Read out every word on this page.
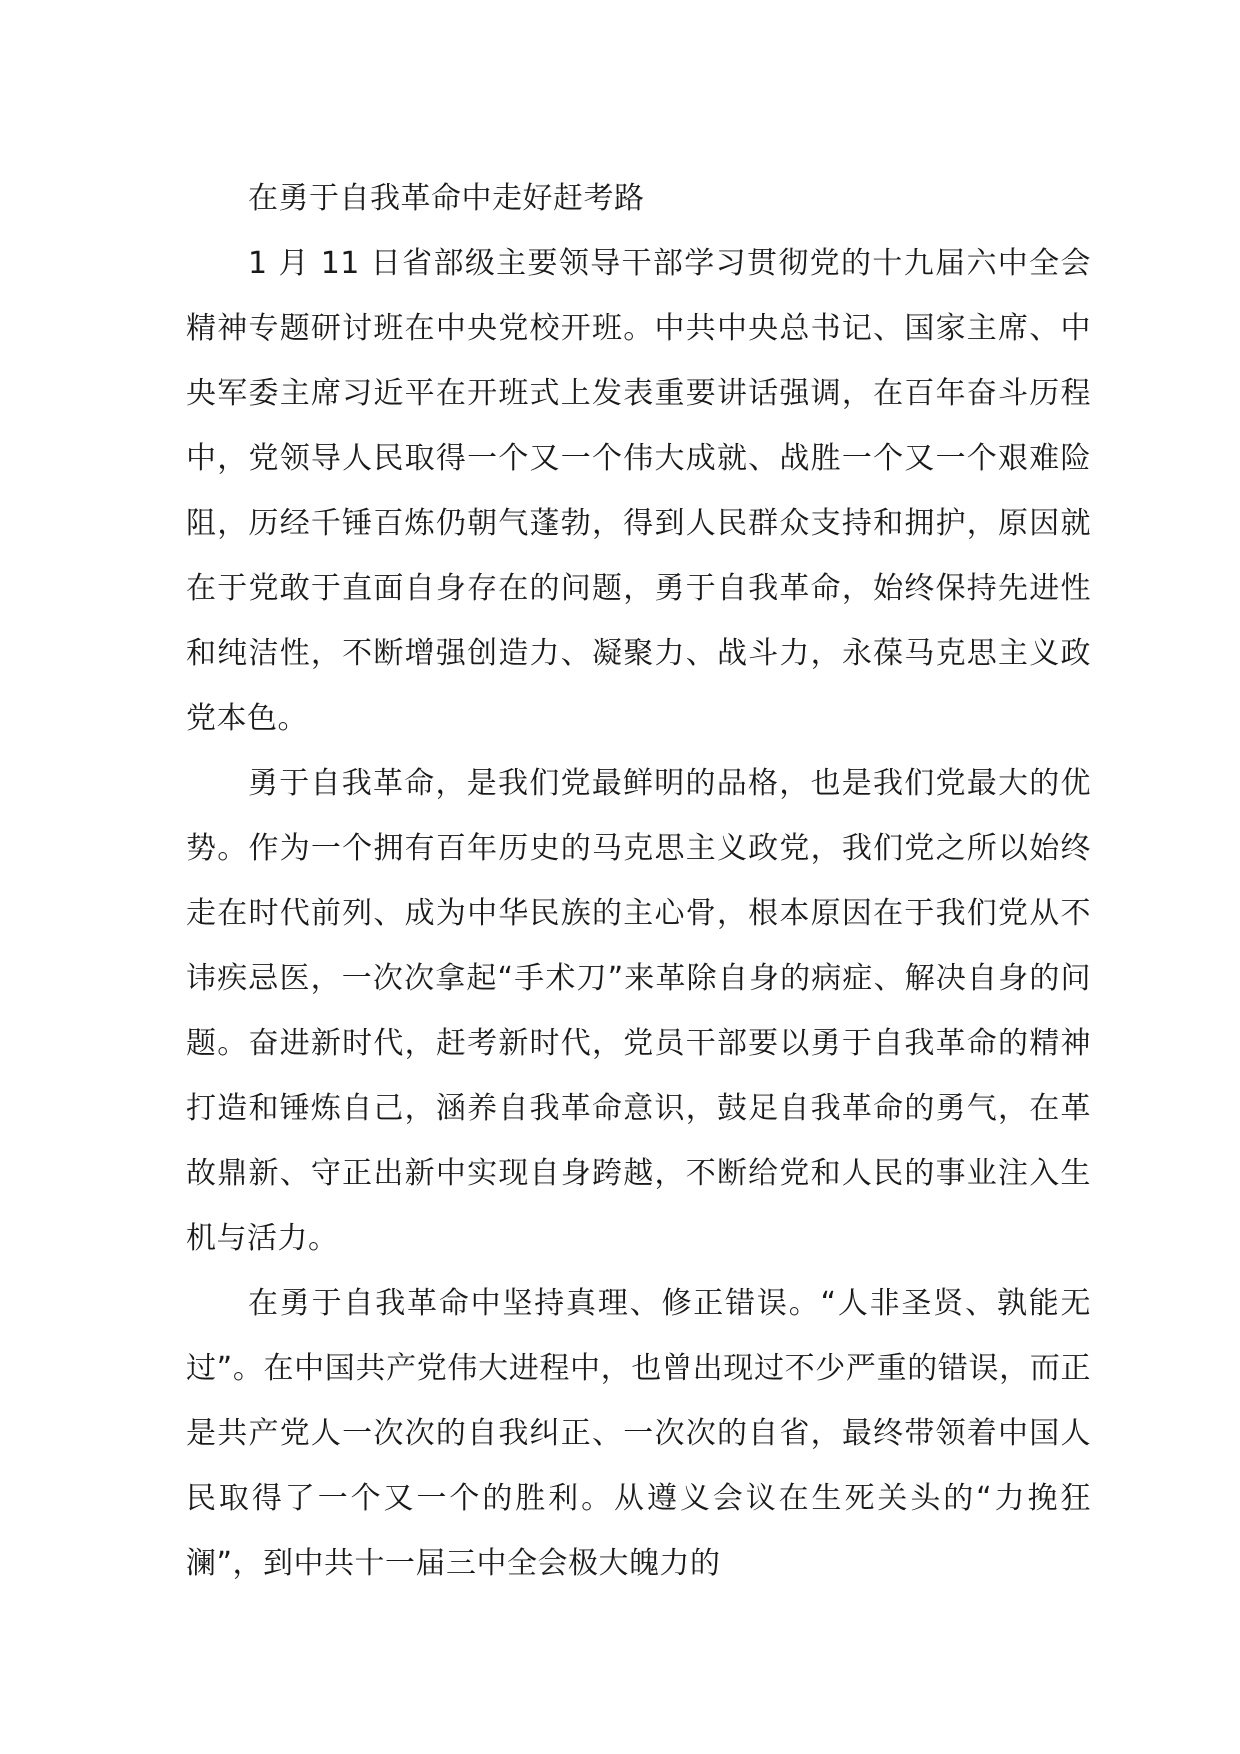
在勇于自我革命中走好赶考路

1 月 11 日省部级主要领导干部学习贯彻党的十九届六中全会精神专题研讨班在中央党校开班。中共中央总书记、国家主席、中央军委主席习近平在开班式上发表重要讲话强调，在百年奋斗历程中，党领导人民取得一个又一个伟大成就、战胜一个又一个艰难险阻，历经千锤百炼仍朝气蓬勃，得到人民群众支持和拥护，原因就在于党敢于直面自身存在的问题，勇于自我革命，始终保持先进性和纯洁性，不断增强创造力、凝聚力、战斗力，永葆马克思主义政党本色。

勇于自我革命，是我们党最鲜明的品格，也是我们党最大的优势。作为一个拥有百年历史的马克思主义政党，我们党之所以始终走在时代前列、成为中华民族的主心骨，根本原因在于我们党从不讳疾忌医，一次次拿起“手术刀”来革除自身的病症、解决自身的问题。奋进新时代，赶考新时代，党员干部要以勇于自我革命的精神打造和锤炼自己，涵养自我革命意识，鼓足自我革命的勇气，在革故鼎新、守正出新中实现自身跨越，不断给党和人民的事业注入生机与活力。

在勇于自我革命中坚持真理、修正错误。“人非圣贤、孰能无过”。在中国共产党伟大进程中，也曾出现过不少严重的错误，而正是共产党人一次次的自我纠正、一次次的自省，最终带领着中国人民取得了一个又一个的胜利。从遵义会议在生死关头的“力挽狂澜”，到中共十一届三中全会极大魄力的
